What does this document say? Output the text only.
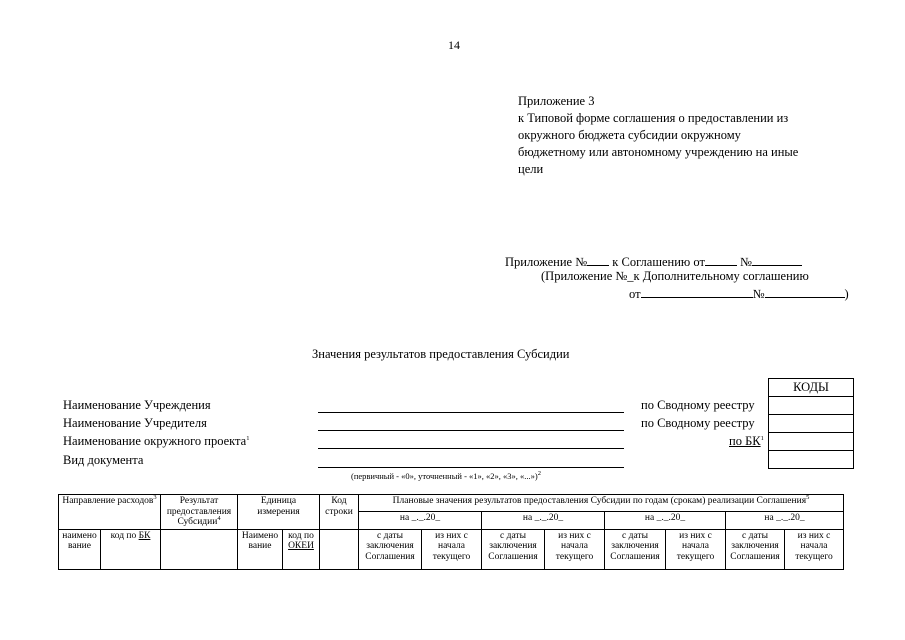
14
Приложение 3
к Типовой форме соглашения о предоставлении из
окружного бюджета субсидии окружному
бюджетному или автономному учреждению на иные
цели
Приложение № к Соглашению от	№
(Приложение №_к Дополнительному соглашению
от	№	)
Значения результатов предоставления Субсидии
Наименование Учреждения	по Сводному реестру
Наименование Учредителя	по Сводному реестру
Наименование окружного проекта$^1$	по $БК^1$
Вид документа
КОДЫ
(первичный - «0», уточненный - «1», «2», «3», «...»)$^2$
Направление расходов$^3$		Результат предоставления Субсидии$^4$	Единица измерения		Код строки	Плановые значения результатов предоставления Субсидии по годам (срокам) реализации Соглашения$^5$
						на _._.20_		на _._.20_		на _._.20_		на _._.20_	
наимено вание	код по БК		Наимено вание	код по ОКЕИ		с даты заключения Соглашения	из них с начала текущего	с даты заключения Соглашения	из них с начала текущего	с даты заключения Соглашения	из них с начала текущего	с даты заключения Соглашения	из них с начала текущего
